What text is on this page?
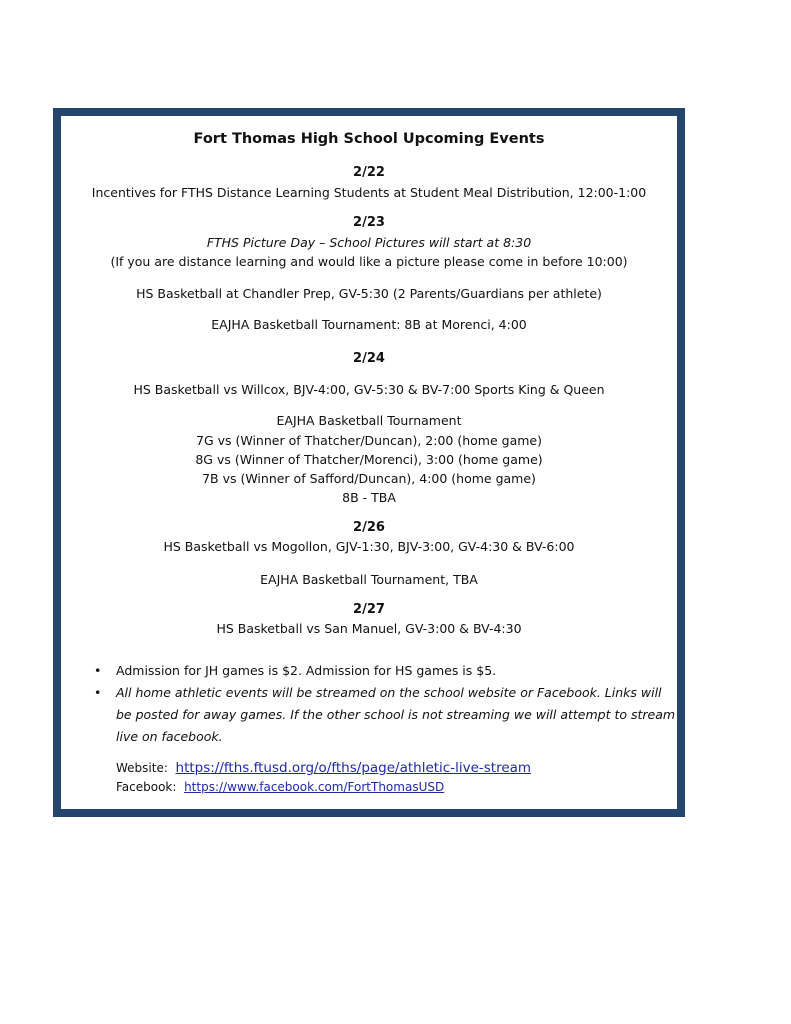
Fort Thomas High School Upcoming Events
2/22
Incentives for FTHS Distance Learning Students at Student Meal Distribution, 12:00-1:00
2/23
FTHS Picture Day – School Pictures will start at 8:30
(If you are distance learning and would like a picture please come in before 10:00)
HS Basketball at Chandler Prep, GV-5:30 (2 Parents/Guardians per athlete)
EAJHA Basketball Tournament: 8B at Morenci, 4:00
2/24
HS Basketball vs Willcox, BJV-4:00, GV-5:30 & BV-7:00 Sports King & Queen
EAJHA Basketball Tournament
7G vs (Winner of Thatcher/Duncan), 2:00 (home game)
8G vs (Winner of Thatcher/Morenci), 3:00 (home game)
7B vs (Winner of Safford/Duncan), 4:00 (home game)
8B - TBA
2/26
HS Basketball vs Mogollon, GJV-1:30, BJV-3:00, GV-4:30 & BV-6:00
EAJHA Basketball Tournament, TBA
2/27
HS Basketball vs San Manuel, GV-3:00 & BV-4:30
• Admission for JH games is $2. Admission for HS games is $5.
• All home athletic events will be streamed on the school website or Facebook. Links will be posted for away games. If the other school is not streaming we will attempt to stream live on facebook.
Website: https://fths.ftusd.org/o/fths/page/athletic-live-stream
Facebook: https://www.facebook.com/FortThomasUSD
